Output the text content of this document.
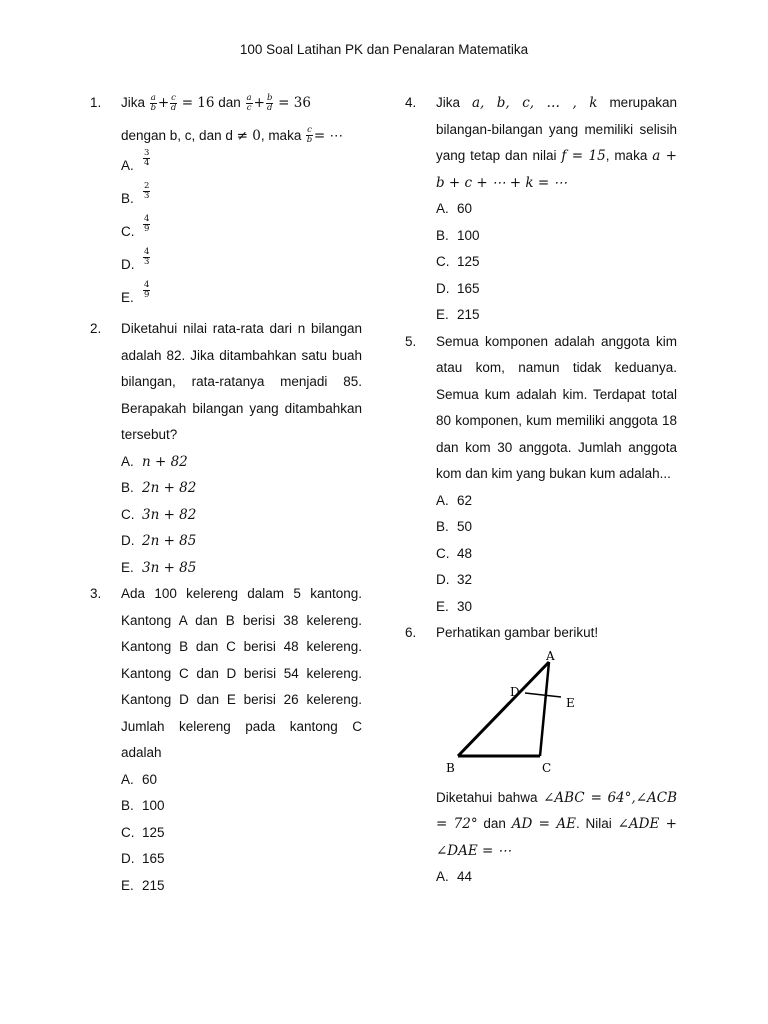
100 Soal Latihan PK dan Penalaran Matematika
1.	Jika $\frac{a}{b} + \frac{c}{d} = 16$ dan $\frac{a}{c} + \frac{b}{d} = 36$
dengan b, c, dan d ≠ 0, maka $\frac{c}{b}$ = ⋯
A.	$\frac{3}{4}$
B.	$\frac{2}{3}$
C.	$\frac{4}{9}$
D.	$\frac{4}{3}$
E.	$\frac{4}{9}$
2.	Diketahui nilai rata-rata dari n bilangan adalah 82. Jika ditambahkan satu buah bilangan, rata-ratanya menjadi 85. Berapakah bilangan yang ditambahkan tersebut?
A. n + 82
B. 2n + 82
C. 3n + 82
D. 2n + 85
E. 3n + 85
3.	Ada 100 kelereng dalam 5 kantong. Kantong A dan B berisi 38 kelereng. Kantong B dan C berisi 48 kelereng. Kantong C dan D berisi 54 kelereng. Kantong D dan E berisi 26 kelereng. Jumlah kelereng pada kantong C adalah
A. 60
B. 100
C. 125
D. 165
E. 215
4.	Jika a, b, c, … , k merupakan bilangan-bilangan yang memiliki selisih yang tetap dan nilai f = 15, maka a + b + c + ⋯ + k = ⋯
A. 60
B. 100
C. 125
D. 165
E. 215
5.	Semua komponen adalah anggota kim atau kom, namun tidak keduanya. Semua kum adalah kim. Terdapat total 80 komponen, kum memiliki anggota 18 dan kom 30 anggota. Jumlah anggota kom dan kim yang bukan kum adalah...
A. 62
B. 50
C. 48
D. 32
E. 30
6.	Perhatikan gambar berikut!
A
D
E
B	C
Diketahui bahwa ∠ABC = 64°,∠ACB = 72° dan AD = AE. Nilai ∠ADE + ∠DAE = ⋯
A. 44
